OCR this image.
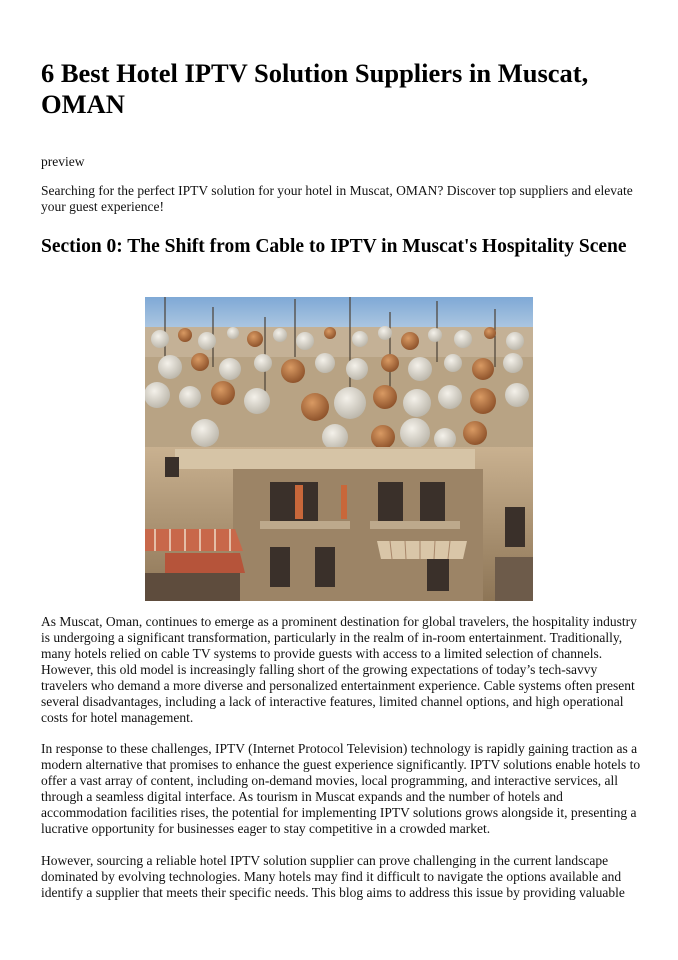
6 Best Hotel IPTV Solution Suppliers in Muscat, OMAN

preview

Searching for the perfect IPTV solution for your hotel in Muscat, OMAN? Discover top suppliers and elevate your guest experience!

Section 0: The Shift from Cable to IPTV in Muscat's Hospitality Scene

As Muscat, Oman, continues to emerge as a prominent destination for global travelers, the hospitality industry is undergoing a significant transformation, particularly in the realm of in-room entertainment. Traditionally, many hotels relied on cable TV systems to provide guests with access to a limited selection of channels. However, this old model is increasingly falling short of the growing expectations of today’s tech-savvy travelers who demand a more diverse and personalized entertainment experience. Cable systems often present several disadvantages, including a lack of interactive features, limited channel options, and high operational costs for hotel management.

In response to these challenges, IPTV (Internet Protocol Television) technology is rapidly gaining traction as a modern alternative that promises to enhance the guest experience significantly. IPTV solutions enable hotels to offer a vast array of content, including on-demand movies, local programming, and interactive services, all through a seamless digital interface. As tourism in Muscat expands and the number of hotels and accommodation facilities rises, the potential for implementing IPTV solutions grows alongside it, presenting a lucrative opportunity for businesses eager to stay competitive in a crowded market.

However, sourcing a reliable hotel IPTV solution supplier can prove challenging in the current landscape dominated by evolving technologies. Many hotels may find it difficult to navigate the options available and identify a supplier that meets their specific needs. This blog aims to address this issue by providing valuable
